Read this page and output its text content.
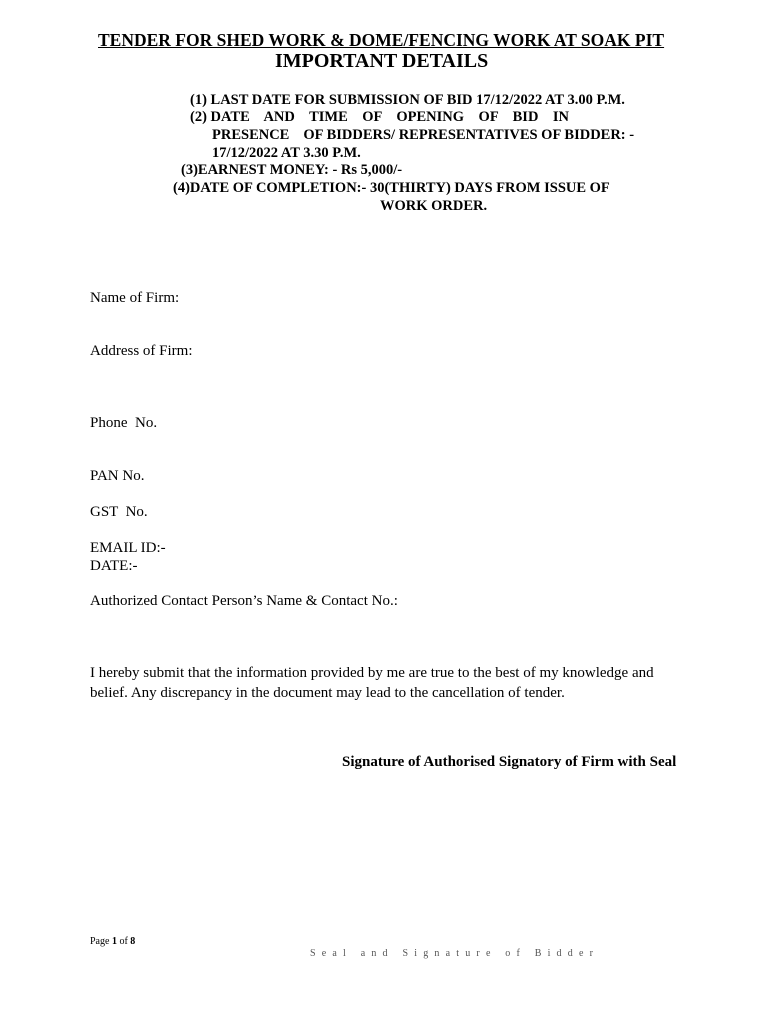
TENDER FOR SHED WORK & DOME/FENCING WORK AT SOAK PIT
IMPORTANT DETAILS
(1) LAST DATE FOR SUBMISSION OF BID 17/12/2022 AT 3.00 P.M.
(2) DATE    AND    TIME    OF    OPENING    OF    BID    IN
PRESENCE OF BIDDERS/ REPRESENTATIVES OF BIDDER: -
17/12/2022 AT 3.30 P.M.
(3)EARNEST MONEY: - Rs 5,000/-
(4)DATE OF COMPLETION:- 30(THIRTY) DAYS FROM ISSUE OF
WORK ORDER.
Name of Firm:
Address of Firm:
Phone  No.
PAN No.
GST  No.
EMAIL ID:-
DATE:-
Authorized Contact Person’s Name & Contact No.:
I hereby submit that the information provided by me are true to the best of my knowledge and
belief. Any discrepancy in the document may lead to the cancellation of tender.
Signature of Authorised Signatory of Firm with Seal
Page 1 of 8
Seal and Signature of Bidder
